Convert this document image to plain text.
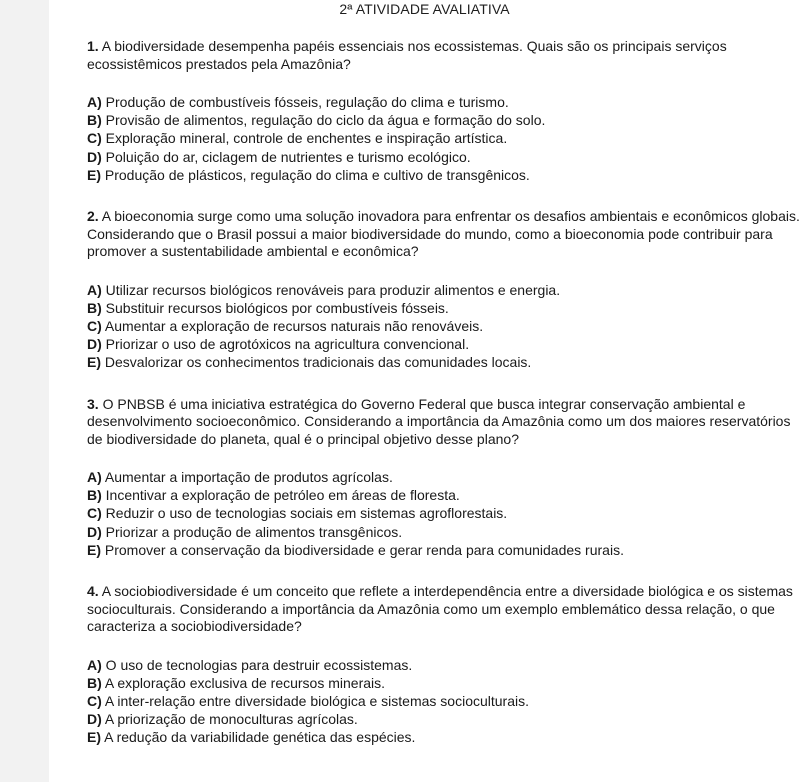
2ª ATIVIDADE AVALIATIVA

1. A biodiversidade desempenha papéis essenciais nos ecossistemas. Quais são os principais serviços ecossistêmicos prestados pela Amazônia?

A) Produção de combustíveis fósseis, regulação do clima e turismo.
B) Provisão de alimentos, regulação do ciclo da água e formação do solo.
C) Exploração mineral, controle de enchentes e inspiração artística.
D) Poluição do ar, ciclagem de nutrientes e turismo ecológico.
E) Produção de plásticos, regulação do clima e cultivo de transgênicos.

2. A bioeconomia surge como uma solução inovadora para enfrentar os desafios ambientais e econômicos globais. Considerando que o Brasil possui a maior biodiversidade do mundo, como a bioeconomia pode contribuir para promover a sustentabilidade ambiental e econômica?

A) Utilizar recursos biológicos renováveis para produzir alimentos e energia.
B) Substituir recursos biológicos por combustíveis fósseis.
C) Aumentar a exploração de recursos naturais não renováveis.
D) Priorizar o uso de agrotóxicos na agricultura convencional.
E) Desvalorizar os conhecimentos tradicionais das comunidades locais.

3. O PNBSB é uma iniciativa estratégica do Governo Federal que busca integrar conservação ambiental e desenvolvimento socioeconômico. Considerando a importância da Amazônia como um dos maiores reservatórios de biodiversidade do planeta, qual é o principal objetivo desse plano?

A) Aumentar a importação de produtos agrícolas.
B) Incentivar a exploração de petróleo em áreas de floresta.
C) Reduzir o uso de tecnologias sociais em sistemas agroflorestais.
D) Priorizar a produção de alimentos transgênicos.
E) Promover a conservação da biodiversidade e gerar renda para comunidades rurais.

4. A sociobiodiversidade é um conceito que reflete a interdependência entre a diversidade biológica e os sistemas socioculturais. Considerando a importância da Amazônia como um exemplo emblemático dessa relação, o que caracteriza a sociobiodiversidade?

A) O uso de tecnologias para destruir ecossistemas.
B) A exploração exclusiva de recursos minerais.
C) A inter-relação entre diversidade biológica e sistemas socioculturais.
D) A priorização de monoculturas agrícolas.
E) A redução da variabilidade genética das espécies.
